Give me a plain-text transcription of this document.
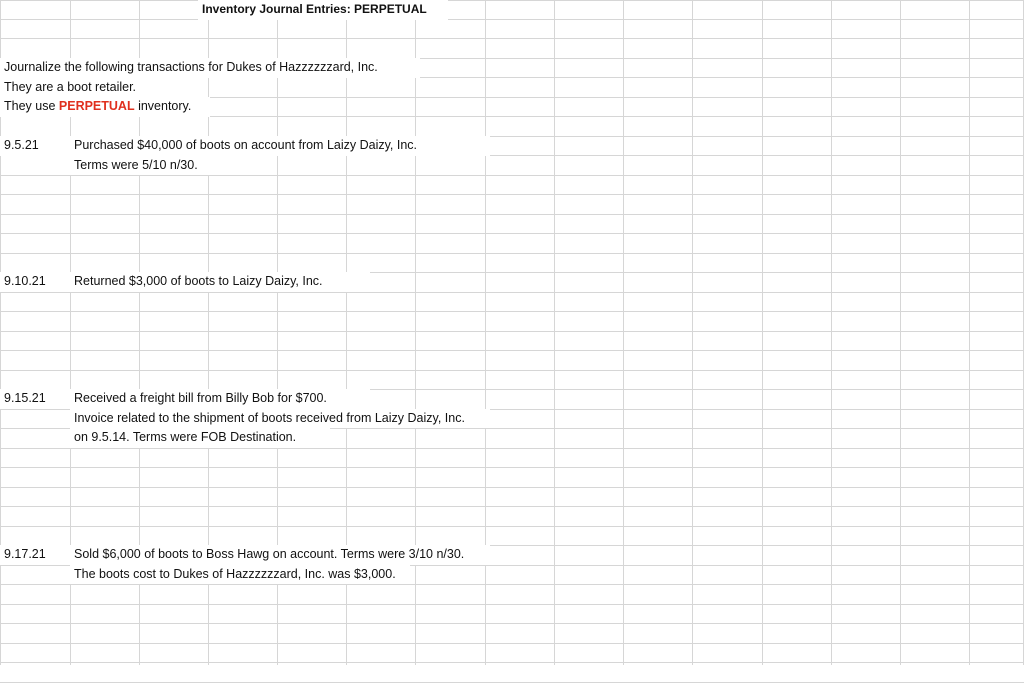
Inventory Journal Entries: PERPETUAL
Journalize the following transactions for Dukes of Hazzzzzzard, Inc.
They are a boot retailer.
They use PERPETUAL inventory.
9.5.21	Purchased $40,000 of boots on account from Laizy Daizy, Inc.
Terms were 5/10 n/30.
9.10.21	Returned $3,000 of boots to Laizy Daizy, Inc.
9.15.21	Received a freight bill from Billy Bob for $700.
Invoice related to the shipment of boots received from Laizy Daizy, Inc.
on 9.5.14. Terms were FOB Destination.
9.17.21	Sold $6,000 of boots to Boss Hawg on account. Terms were 3/10 n/30.
The boots cost to Dukes of Hazzzzzzard, Inc. was $3,000.
